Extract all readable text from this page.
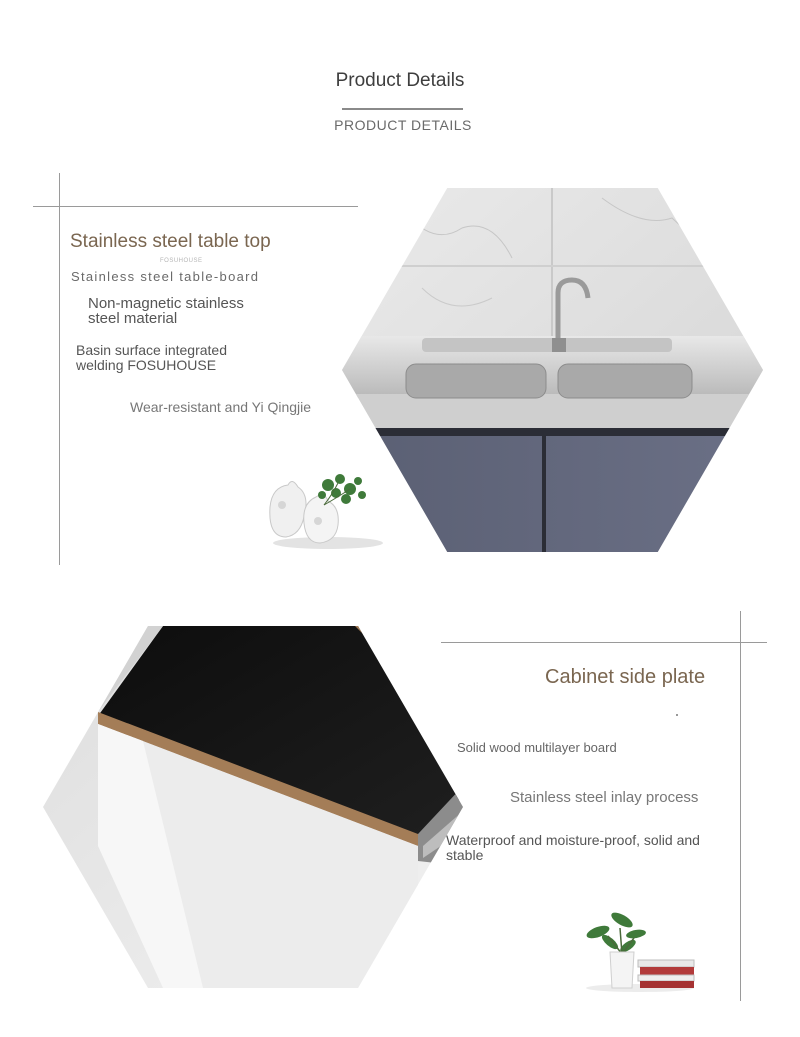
Product Details
PRODUCT DETAILS
Stainless steel table top
FOSUHOUSE
Stainless steel table-board
Non-magnetic stainless steel material
Basin surface integrated welding FOSUHOUSE
Wear-resistant and Yi Qingjie
Cabinet side plate
Solid wood multilayer board
Stainless steel inlay process
Waterproof and moisture-proof, solid and stable
